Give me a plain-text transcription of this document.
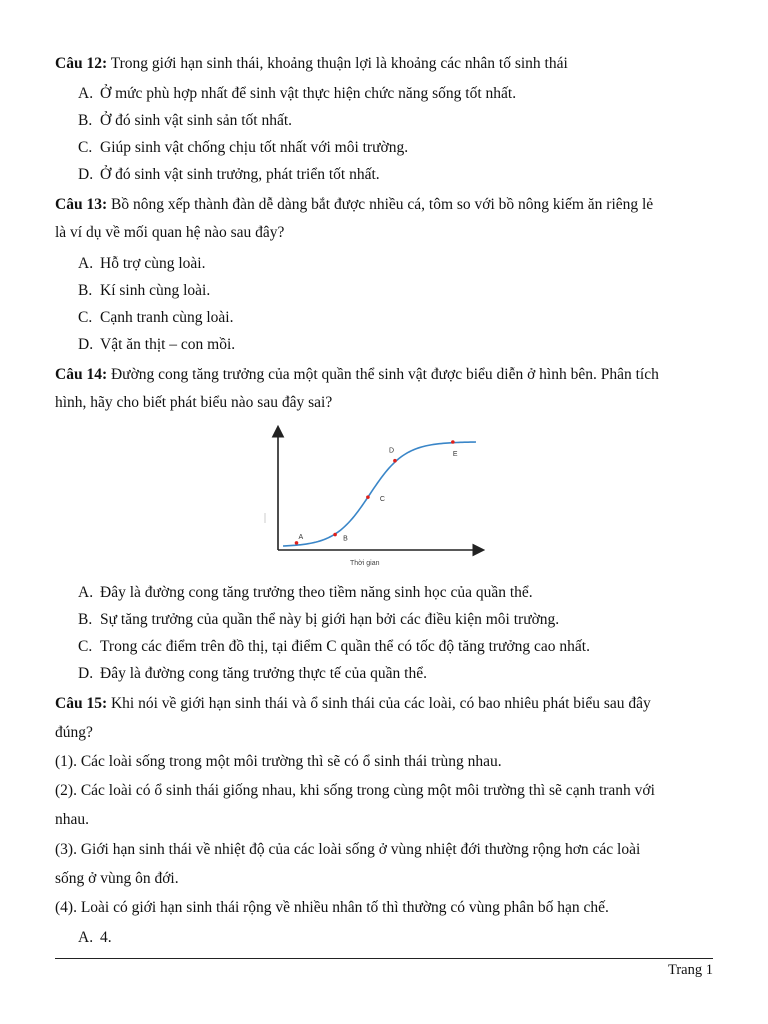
Câu 12: Trong giới hạn sinh thái, khoảng thuận lợi là khoảng các nhân tố sinh thái
A. Ở mức phù hợp nhất để sinh vật thực hiện chức năng sống tốt nhất.
B. Ở đó sinh vật sinh sản tốt nhất.
C. Giúp sinh vật chống chịu tốt nhất với môi trường.
D. Ở đó sinh vật sinh trưởng, phát triển tốt nhất.
Câu 13: Bồ nông xếp thành đàn dễ dàng bắt được nhiều cá, tôm so với bồ nông kiếm ăn riêng lẻ
là ví dụ về mối quan hệ nào sau đây?
A. Hỗ trợ cùng loài.
B. Kí sinh cùng loài.
C. Cạnh tranh cùng loài.
D. Vật ăn thịt – con mồi.
Câu 14: Đường cong tăng trưởng của một quần thể sinh vật được biểu diễn ở hình bên. Phân tích
hình, hãy cho biết phát biểu nào sau đây sai?
A	B
C
D	E
Thời gian
A. Đây là đường cong tăng trưởng theo tiềm năng sinh học của quần thể.
B. Sự tăng trưởng của quần thể này bị giới hạn bởi các điều kiện môi trường.
C. Trong các điểm trên đồ thị, tại điểm C quần thể có tốc độ tăng trưởng cao nhất.
D. Đây là đường cong tăng trưởng thực tế của quần thể.
Câu 15: Khi nói về giới hạn sinh thái và ổ sinh thái của các loài, có bao nhiêu phát biểu sau đây
đúng?
(1). Các loài sống trong một môi trường thì sẽ có ổ sinh thái trùng nhau.
(2). Các loài có ổ sinh thái giống nhau, khi sống trong cùng một môi trường thì sẽ cạnh tranh với
nhau.
(3). Giới hạn sinh thái về nhiệt độ của các loài sống ở vùng nhiệt đới thường rộng hơn các loài
sống ở vùng ôn đới.
(4). Loài có giới hạn sinh thái rộng về nhiều nhân tố thì thường có vùng phân bố hạn chế.
A. 4.
Trang 1
